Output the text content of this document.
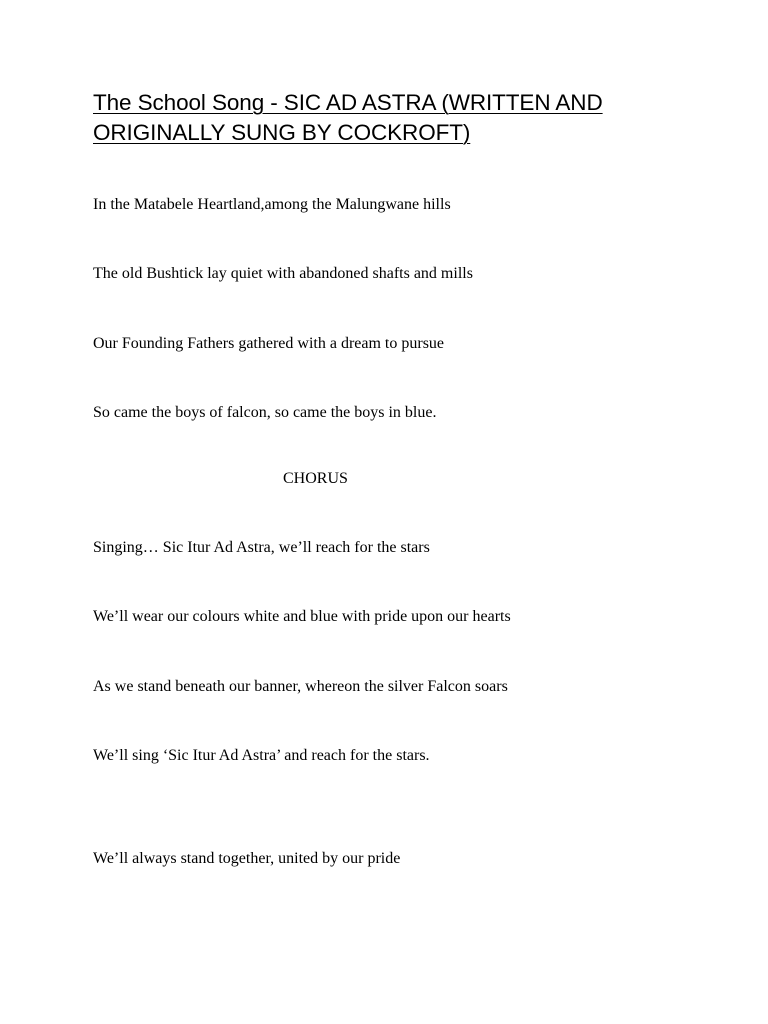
The School Song - SIC AD ASTRA (WRITTEN AND ORIGINALLY SUNG BY COCKROFT)

In the Matabele Heartland,among the Malungwane hills

The old Bushtick lay quiet with abandoned shafts and mills

Our Founding Fathers gathered with a dream to pursue

So came the boys of falcon, so came the boys in blue.

CHORUS

Singing… Sic Itur Ad Astra, we’ll reach for the stars

We’ll wear our colours white and blue with pride upon our hearts

As we stand beneath our banner, whereon the silver Falcon soars

We’ll sing ‘Sic Itur Ad Astra’ and reach for the stars.

We’ll always stand together, united by our pride
